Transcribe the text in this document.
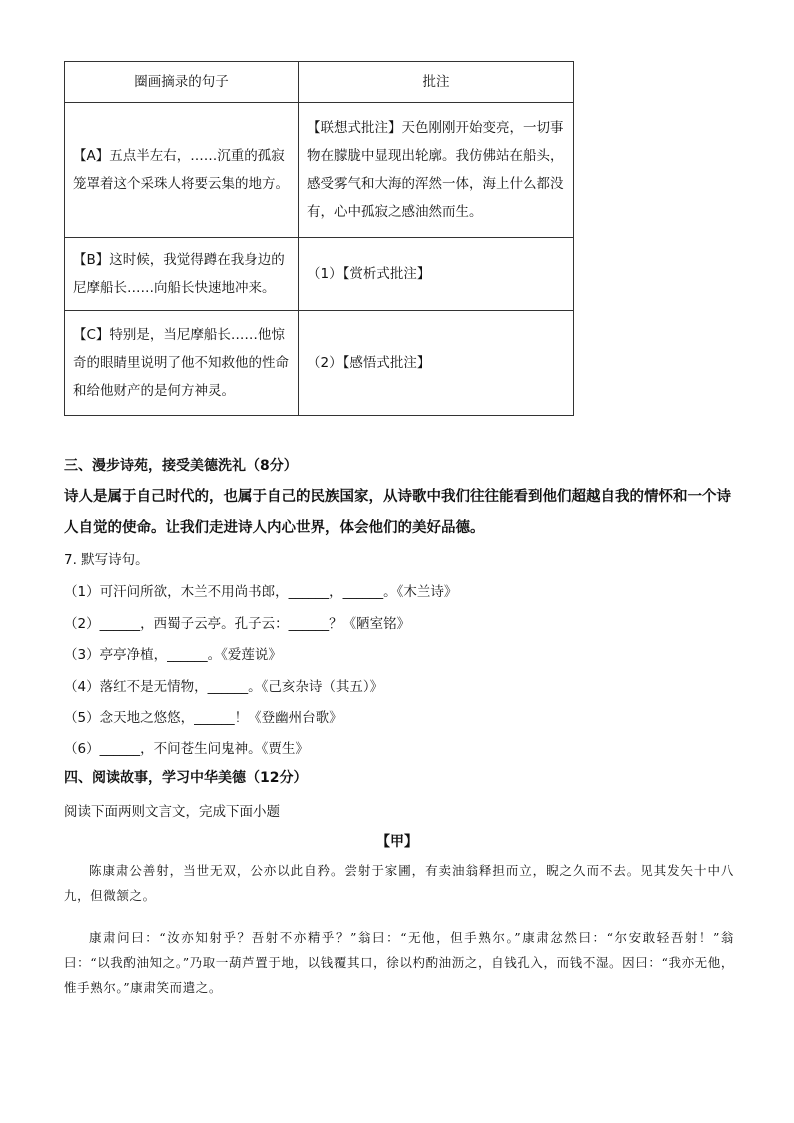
圈画摘录的句子	批注
【A】五点半左右，……沉重的孤寂笼罩着这个采珠人将要云集的地方。	【联想式批注】天色刚刚开始变亮，一切事物在朦胧中显现出轮廓。我仿佛站在船头，感受雾气和大海的浑然一体，海上什么都没有，心中孤寂之感油然而生。
【B】这时候，我觉得蹲在我身边的尼摩船长……向船长快速地冲来。	（1）【赏析式批注】
【C】特别是，当尼摩船长……他惊奇的眼睛里说明了他不知救他的性命和给他财产的是何方神灵。	（2）【感悟式批注】
三、漫步诗苑，接受美德洗礼（8分）
诗人是属于自己时代的，也属于自己的民族国家，从诗歌中我们往往能看到他们超越自我的情怀和一个诗人自觉的使命。让我们走进诗人内心世界，体会他们的美好品德。
7. 默写诗句。
（1）可汗问所欲，木兰不用尚书郎，______，______。《木兰诗》
（2）______，西蜀子云亭。孔子云：______？《陋室铭》
（3）亭亭净植，______。《爱莲说》
（4）落红不是无情物，______。《己亥杂诗（其五）》
（5）念天地之悠悠，______！《登幽州台歌》
（6）______，不问苍生问鬼神。《贾生》
四、阅读故事，学习中华美德（12分）
阅读下面两则文言文，完成下面小题
【甲】
陈康肃公善射，当世无双，公亦以此自矜。尝射于家圃，有卖油翁释担而立，睨之久而不去。见其发矢十中八九，但微颔之。
康肃问曰：“汝亦知射乎？吾射不亦精乎？”翁曰：“无他，但手熟尔。”康肃忿然曰：“尔安敢轻吾射！”翁曰：“以我酌油知之。”乃取一葫芦置于地，以钱覆其口，徐以杓酌油沥之，自钱孔入，而钱不湿。因曰：“我亦无他，惟手熟尔。”康肃笑而遣之。
